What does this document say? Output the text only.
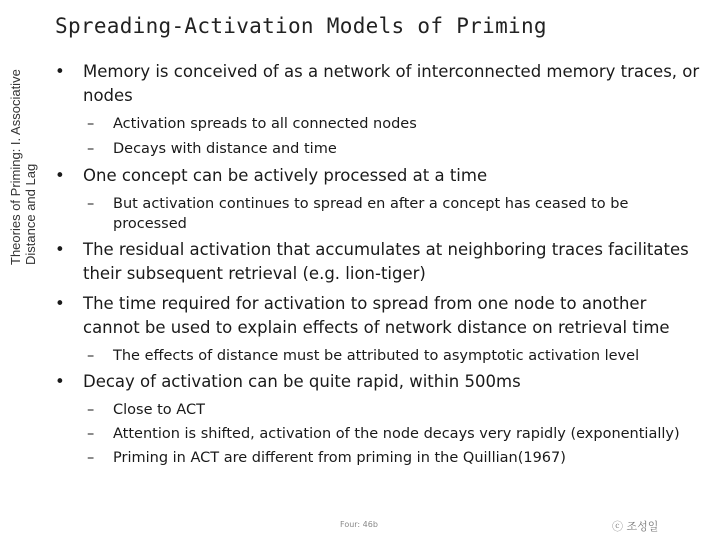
Spreading-Activation Models of Priming
Theories of Priming: I. Associative Distance and Lag
•	Memory is conceived of as a network of interconnected memory traces, or nodes
– Activation spreads to all connected nodes
– Decays with distance and time
•	One concept can be actively processed at a time
– But activation continues to spread en after a concept has ceased to be processed
•	The residual activation that accumulates at neighboring traces facilitates their subsequent retrieval (e.g. lion-tiger)
•	The time required for activation to spread from one node to another cannot be used to explain effects of network distance on retrieval time
– The effects of distance must be attributed to asymptotic activation level
•	Decay of activation can be quite rapid, within 500ms
– Close to ACT
– Attention is shifted, activation of the node decays very rapidly (exponentially)
– Priming in ACT are different from priming in the Quillian(1967)
Four: 46b	ⓒ 조성일
